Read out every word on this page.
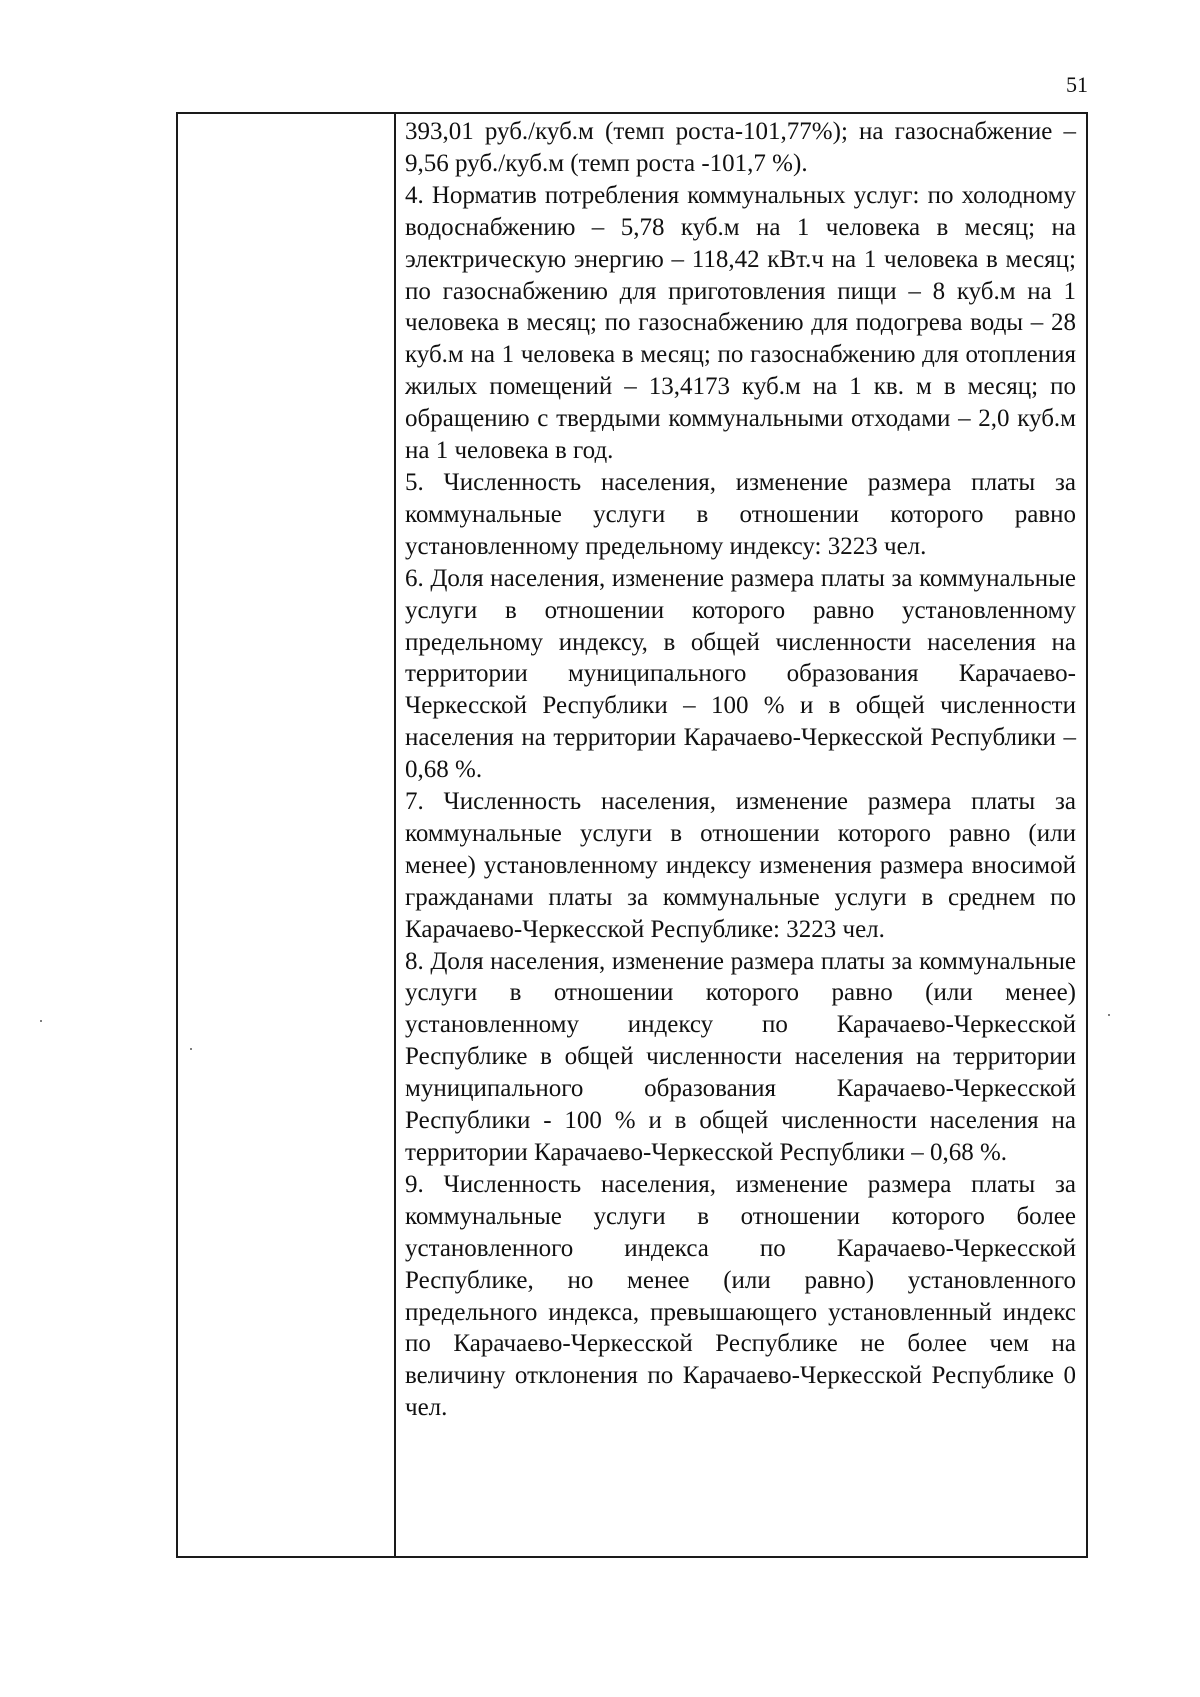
51

393,01 руб./куб.м (темп роста-101,77%); на газоснабжение – 9,56 руб./куб.м (темп роста -101,7 %).

4. Норматив потребления коммунальных услуг: по холодному водоснабжению – 5,78 куб.м на 1 человека в месяц; на электрическую энергию – 118,42 кВт.ч на 1 человека в месяц; по газоснабжению для приготовления пищи – 8 куб.м на 1 человека в месяц; по газоснабжению для подогрева воды – 28 куб.м на 1 человека в месяц; по газоснабжению для отопления жилых помещений – 13,4173 куб.м на 1 кв. м в месяц; по обращению с твердыми коммунальными отходами – 2,0 куб.м на 1 человека в год.

5. Численность населения, изменение размера платы за коммунальные услуги в отношении которого равно установленному предельному индексу: 3223 чел.

6. Доля населения, изменение размера платы за коммунальные услуги в отношении которого равно установленному предельному индексу, в общей численности населения на территории муниципального образования Карачаево-Черкесской Республики – 100 % и в общей численности населения на территории Карачаево-Черкесской Республики – 0,68 %.

7. Численность населения, изменение размера платы за коммунальные услуги в отношении которого равно (или менее) установленному индексу изменения размера вносимой гражданами платы за коммунальные услуги в среднем по Карачаево-Черкесской Республике: 3223 чел.

8. Доля населения, изменение размера платы за коммунальные услуги в отношении которого равно (или менее) установленному индексу по Карачаево-Черкесской Республике в общей численности населения на территории муниципального образования Карачаево-Черкесской Республики - 100 % и в общей численности населения на территории Карачаево-Черкесской Республики – 0,68 %.

9. Численность населения, изменение размера платы за коммунальные услуги в отношении которого более установленного индекса по Карачаево-Черкесской Республике, но менее (или равно) установленного предельного индекса, превышающего установленный индекс по Карачаево-Черкесской Республике не более чем на величину отклонения по Карачаево-Черкесской Республике 0 чел.
